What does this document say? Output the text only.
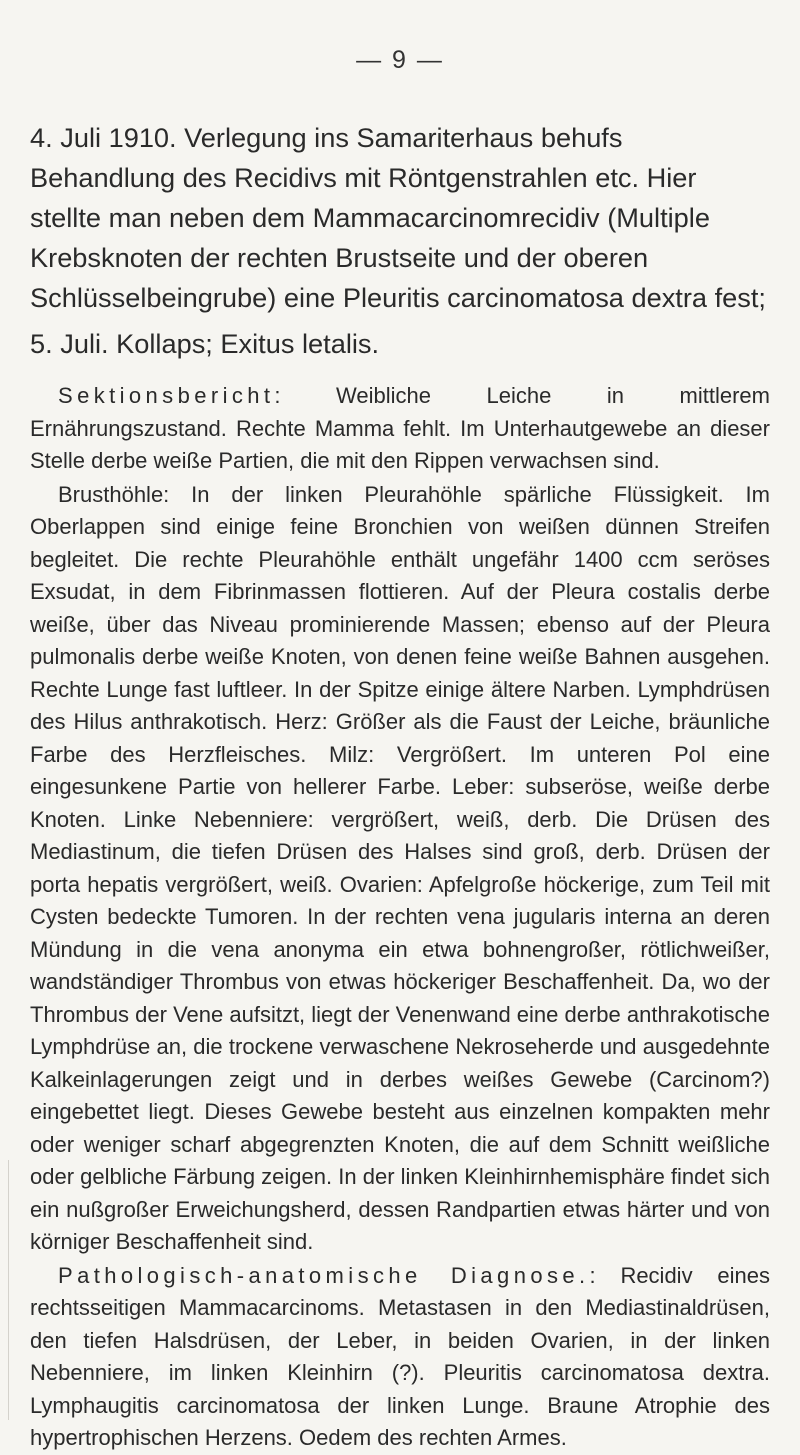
— 9 —

4. Juli 1910. Verlegung ins Samariterhaus behufs Behandlung des Recidivs mit Röntgenstrahlen etc. Hier stellte man neben dem Mammacarcinomrecidiv (Multiple Krebsknoten der rechten Brustseite und der oberen Schlüsselbeingrube) eine Pleuritis carcinomatosa dextra fest;

5. Juli. Kollaps; Exitus letalis.

Sektionsbericht: Weibliche Leiche in mittlerem Ernährungszustand. Rechte Mamma fehlt. Im Unterhautgewebe an dieser Stelle derbe weiße Partien, die mit den Rippen verwachsen sind.

Brusthöhle: In der linken Pleurahöhle spärliche Flüssigkeit. Im Oberlappen sind einige feine Bronchien von weißen dünnen Streifen begleitet. Die rechte Pleurahöhle enthält ungefähr 1400 ccm seröses Exsudat, in dem Fibrinmassen flottieren. Auf der Pleura costalis derbe weiße, über das Niveau prominierende Massen; ebenso auf der Pleura pulmonalis derbe weiße Knoten, von denen feine weiße Bahnen ausgehen. Rechte Lunge fast luftleer. In der Spitze einige ältere Narben. Lymphdrüsen des Hilus anthrakotisch. Herz: Größer als die Faust der Leiche, bräunliche Farbe des Herzfleisches. Milz: Vergrößert. Im unteren Pol eine eingesunkene Partie von hellerer Farbe. Leber: subseröse, weiße derbe Knoten. Linke Nebenniere: vergrößert, weiß, derb. Die Drüsen des Mediastinum, die tiefen Drüsen des Halses sind groß, derb. Drüsen der porta hepatis vergrößert, weiß. Ovarien: Apfelgroße höckerige, zum Teil mit Cysten bedeckte Tumoren. In der rechten vena jugularis interna an deren Mündung in die vena anonyma ein etwa bohnengroßer, rötlichweißer, wandständiger Thrombus von etwas höckeriger Beschaffenheit. Da, wo der Thrombus der Vene aufsitzt, liegt der Venenwand eine derbe anthrakotische Lymphdrüse an, die trockene verwaschene Nekroseherde und ausgedehnte Kalkeinlagerungen zeigt und in derbes weißes Gewebe (Carcinom?) eingebettet liegt. Dieses Gewebe besteht aus einzelnen kompakten mehr oder weniger scharf abgegrenzten Knoten, die auf dem Schnitt weißliche oder gelbliche Färbung zeigen. In der linken Kleinhirnhemisphäre findet sich ein nußgroßer Erweichungsherd, dessen Randpartien etwas härter und von körniger Beschaffenheit sind.

Pathologisch-anatomische Diagnose.: Recidiv eines rechtsseitigen Mammacarcinoms. Metastasen in den Mediastinaldrüsen, den tiefen Halsdrüsen, der Leber, in beiden Ovarien, in der linken Nebenniere, im linken Kleinhirn (?). Pleuritis carcinomatosa dextra. Lymphaugitis carcinomatosa der linken Lunge. Braune Atrophie des hypertrophischen Herzens. Oedem des rechten Armes.
